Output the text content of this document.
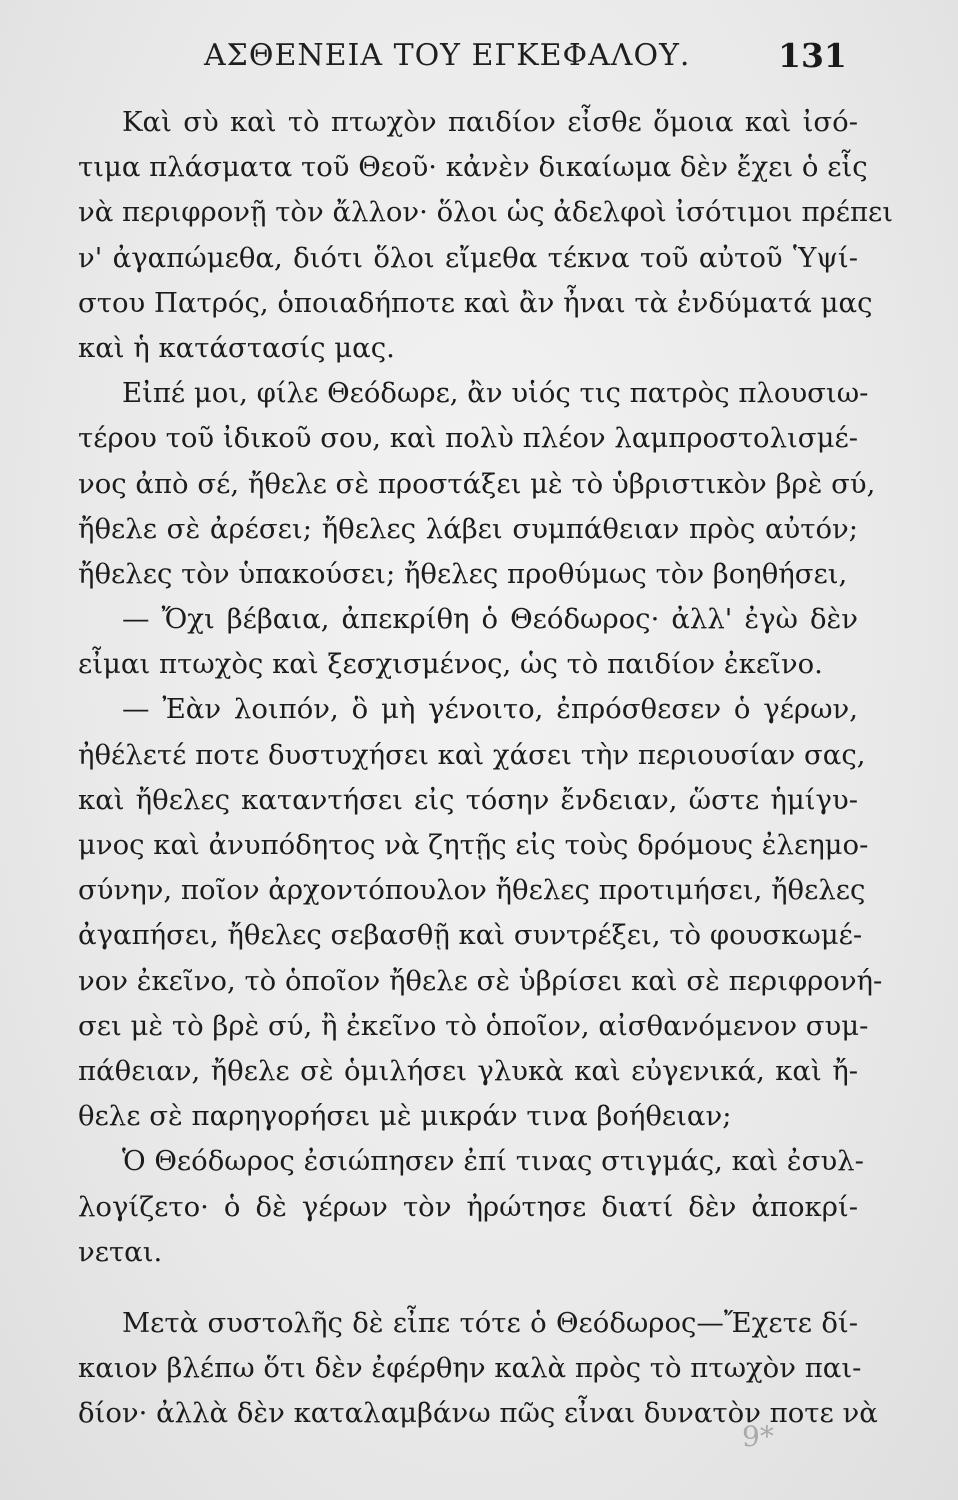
ΑΣΘΕΝΕΙΑ ΤΟΥ ΕΓΚΕΦΑΛΟΥ.	131
Καὶ σὺ καὶ τὸ πτωχὸν παιδίον εἶσθε ὅμοια καὶ ἰσό-
τιμα πλάσματα τοῦ Θεοῦ· κἀνὲν δικαίωμα δὲν ἔχει ὁ εἷς
νὰ περιφρονῇ τὸν ἄλλον· ὅλοι ὡς ἀδελφοὶ ἰσότιμοι πρέπει
ν' ἀγαπώμεθα, διότι ὅλοι εἴμεθα τέκνα τοῦ αὐτοῦ Ὑψί-
στου Πατρός, ὁποιαδήποτε καὶ ἂν ἦναι τὰ ἐνδύματά μας
καὶ ἡ κατάστασίς μας.
Εἰπέ μοι, φίλε Θεόδωρε, ἂν υἱός τις πατρὸς πλουσιω-
τέρου τοῦ ἰδικοῦ σου, καὶ πολὺ πλέον λαμπροστολισμέ-
νος ἀπὸ σέ, ἤθελε σὲ προστάξει μὲ τὸ ὑβριστικὸν βρὲ σύ,
ἤθελε σὲ ἀρέσει; ἤθελες λάβει συμπάθειαν πρὸς αὐτόν;
ἤθελες τὸν ὑπακούσει; ἤθελες προθύμως τὸν βοηθήσει,
— Ὄχι βέβαια, ἀπεκρίθη ὁ Θεόδωρος· ἀλλ' ἐγὼ δὲν
εἶμαι πτωχὸς καὶ ξεσχισμένος, ὡς τὸ παιδίον ἐκεῖνο.
— Ἐὰν λοιπόν, ὃ μὴ γένοιτο, ἐπρόσθεσεν ὁ γέρων,
ἠθέλετέ ποτε δυστυχήσει καὶ χάσει τὴν περιουσίαν σας,
καὶ ἤθελες καταντήσει εἰς τόσην ἔνδειαν, ὥστε ἡμίγυ-
μνος καὶ ἀνυπόδητος νὰ ζητῇς εἰς τοὺς δρόμους ἐλεημο-
σύνην, ποῖον ἀρχοντόπουλον ἤθελες προτιμήσει, ἤθελες
ἀγαπήσει, ἤθελες σεβασθῇ καὶ συντρέξει, τὸ φουσκωμέ-
νον ἐκεῖνο, τὸ ὁποῖον ἤθελε σὲ ὑβρίσει καὶ σὲ περιφρονή-
σει μὲ τὸ βρὲ σύ, ἢ ἐκεῖνο τὸ ὁποῖον, αἰσθανόμενον συμ-
πάθειαν, ἤθελε σὲ ὁμιλήσει γλυκὰ καὶ εὐγενικά, καὶ ἤ-
θελε σὲ παρηγορήσει μὲ μικράν τινα βοήθειαν;
Ὁ Θεόδωρος ἐσιώπησεν ἐπί τινας στιγμάς, καὶ ἐσυλ-
λογίζετο· ὁ δὲ γέρων τὸν ἠρώτησε διατί δὲν ἀποκρί-
νεται.
Μετὰ συστολῆς δὲ εἶπε τότε ὁ Θεόδωρος—Ἔχετε δί-
καιον βλέπω ὅτι δὲν ἐφέρθην καλὰ πρὸς τὸ πτωχὸν παι-
δίον· ἀλλὰ δὲν καταλαμβάνω πῶς εἶναι δυνατὸν ποτε νὰ
9*
